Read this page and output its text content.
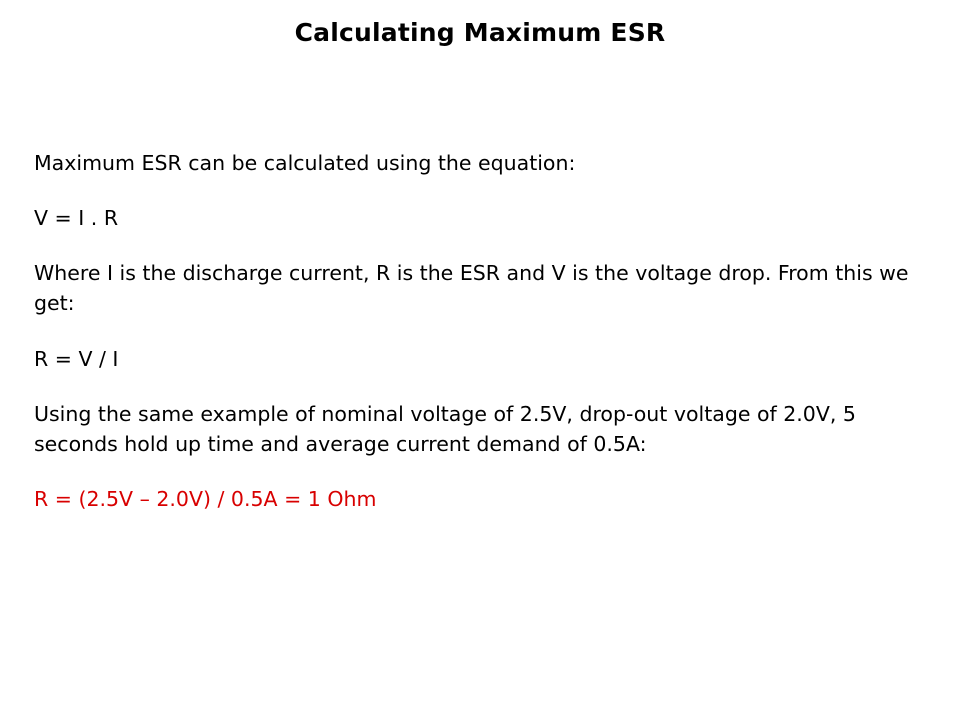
Calculating Maximum ESR

Maximum ESR can be calculated using the equation:

V = I . R

Where I is the discharge current, R is the ESR and V is the voltage drop. From this we get:

R = V / I

Using the same example of nominal voltage of 2.5V, drop-out voltage of 2.0V, 5 seconds hold up time and average current demand of 0.5A:

R = (2.5V – 2.0V) / 0.5A = 1 Ohm
